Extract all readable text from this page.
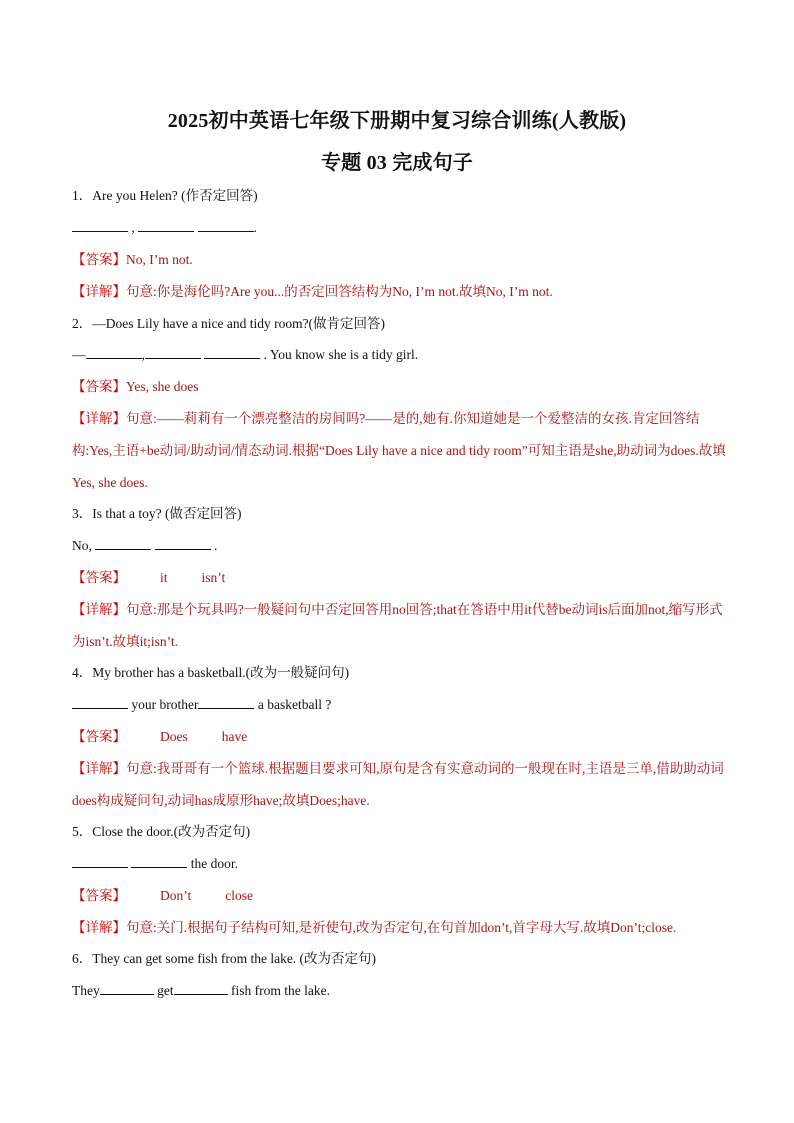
2025初中英语七年级下册期中复习综合训练(人教版)
专题 03 完成句子
1．Are you Helen? (作否定回答)
,	.
【答案】No, I’m not.
【详解】句意:你是海伦吗?Are you...的否定回答结构为No, I’m not.故填No, I’m not.
2．—Does Lily have a nice and tidy room?(做肯定回答)
—	,	. You know she is a tidy girl.
【答案】Yes, she does
【详解】句意:——莉莉有一个漂亮整洁的房间吗?——是的,她有.你知道她是一个爱整洁的女孩.肯定回答结构:Yes,主语+be动词/助动词/情态动词.根据“Does Lily have a nice and tidy room”可知主语是she,助动词为does.故填Yes, she does.
3．Is that a toy? (做否定回答)
No,	.
【答案】	it	isn’t
【详解】句意:那是个玩具吗?一般疑问句中否定回答用no回答;that在答语中用it代替be动词is后面加not,缩写形式为isn’t.故填it;isn’t.
4．My brother has a basketball.(改为一般疑问句)
your brother	a basketball ?
【答案】	Does	have
【详解】句意:我哥哥有一个篮球.根据题目要求可知,原句是含有实意动词的一般现在时,主语是三单,借助助动词does构成疑问句,动词has成原形have;故填Does;have.
5．Close the door.(改为否定句)
the door.
【答案】	Don’t	close
【详解】句意:关门.根据句子结构可知,是祈使句,改为否定句,在句首加don’t,首字母大写.故填Don’t;close.
6．They can get some fish from the lake. (改为否定句)
They	get	fish from the lake.
